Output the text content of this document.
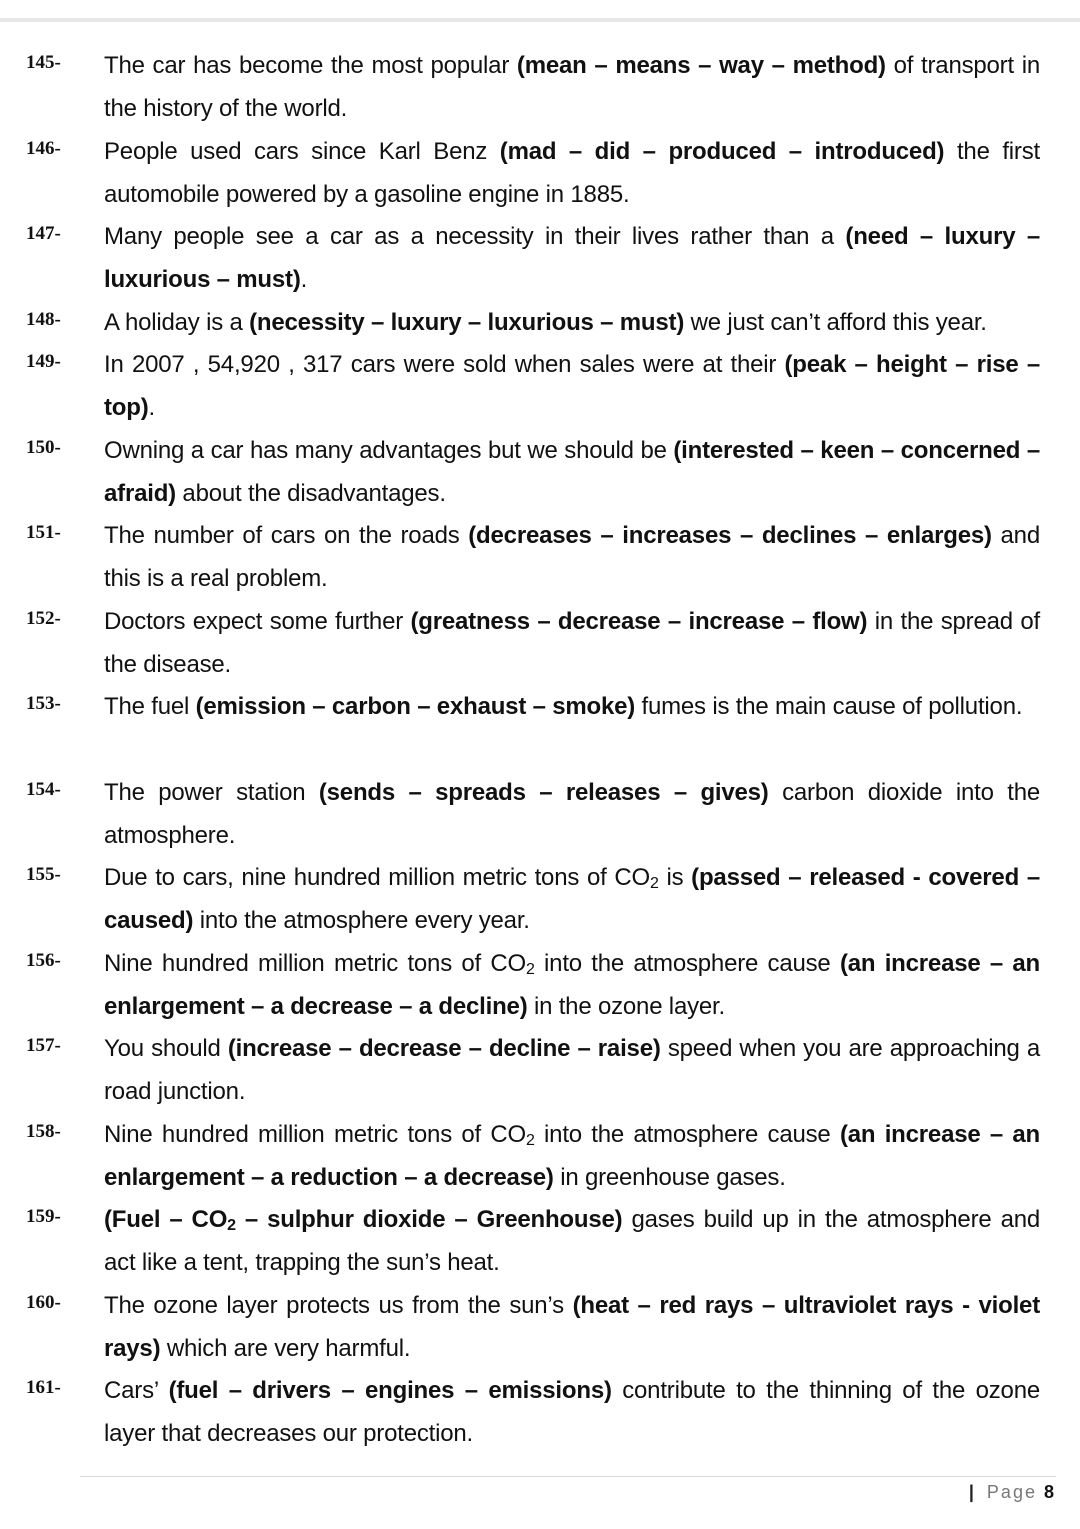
145- The car has become the most popular (mean – means – way – method) of transport in the history of the world.
146- People used cars since Karl Benz (mad – did – produced – introduced) the first automobile powered by a gasoline engine in 1885.
147- Many people see a car as a necessity in their lives rather than a (need – luxury – luxurious – must).
148- A holiday is a (necessity – luxury – luxurious – must) we just can’t afford this year.
149- In 2007 , 54,920 , 317 cars were sold when sales were at their (peak – height – rise – top).
150- Owning a car has many advantages but we should be (interested – keen – concerned – afraid) about the disadvantages.
151- The number of cars on the roads (decreases – increases – declines – enlarges) and this is a real problem.
152- Doctors expect some further (greatness – decrease – increase – flow) in the spread of the disease.
153- The fuel (emission – carbon – exhaust – smoke) fumes is the main cause of pollution.
154- The power station (sends – spreads – releases – gives) carbon dioxide into the atmosphere.
155- Due to cars, nine hundred million metric tons of $CO_2$ is (passed – released - covered – caused) into the atmosphere every year.
156- Nine hundred million metric tons of $CO_2$ into the atmosphere cause (an increase – an enlargement – a decrease – a decline) in the ozone layer.
157- You should (increase – decrease – decline – raise) speed when you are approaching a road junction.
158- Nine hundred million metric tons of $CO_2$ into the atmosphere cause (an increase – an enlargement – a reduction – a decrease) in greenhouse gases.
159- (Fuel – $CO_2$ – sulphur dioxide – Greenhouse) gases build up in the atmosphere and act like a tent, trapping the sun’s heat.
160- The ozone layer protects us from the sun’s (heat – red rays – ultraviolet rays - violet rays) which are very harmful.
161- Cars’ (fuel – drivers – engines – emissions) contribute to the thinning of the ozone layer that decreases our protection.
| Page 8
